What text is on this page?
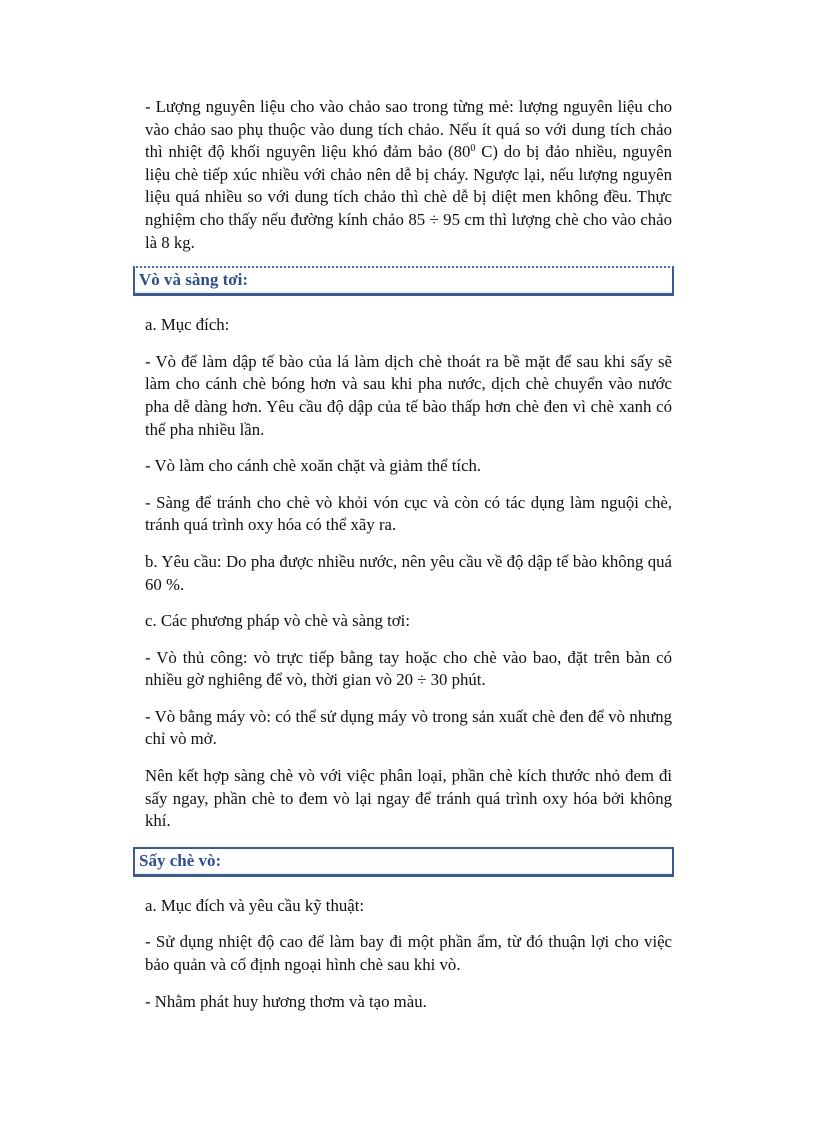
- Lượng nguyên liệu cho vào chảo sao trong từng mẻ: lượng nguyên liệu cho vào chảo sao phụ thuộc vào dung tích chảo. Nếu ít quá so với dung tích chảo thì nhiệt độ khối nguyên liệu khó đảm bảo ($80^0$ C) do bị đảo nhiều, nguyên liệu chè tiếp xúc nhiều với chảo nên dễ bị cháy. Ngược lại, nếu lượng nguyên liệu quá nhiều so với dung tích chảo thì chè dễ bị diệt men không đều. Thực nghiệm cho thấy nếu đường kính chảo 85 ÷ 95 cm thì lượng chè cho vào chảo là 8 kg.

Vò và sàng tơi:

a. Mục đích:

- Vò để làm dập tế bào của lá làm dịch chè thoát ra bề mặt để sau khi sấy sẽ làm cho cánh chè bóng hơn và sau khi pha nước, dịch chè chuyển vào nước pha dễ dàng hơn. Yêu cầu độ dập của tế bào thấp hơn chè đen vì chè xanh có thể pha nhiều lần.

- Vò làm cho cánh chè xoăn chặt và giảm thể tích.

- Sàng để tránh cho chè vò khỏi vón cục và còn có tác dụng làm nguội chè, tránh quá trình oxy hóa có thể xãy ra.

b. Yêu cầu: Do pha được nhiều nước, nên yêu cầu về độ dập tế bào không quá 60 %.

c. Các phương pháp vò chè và sàng tơi:

- Vò thủ công: vò trực tiếp bằng tay hoặc cho chè vào bao, đặt trên bàn có nhiều gờ nghiêng để vò, thời gian vò 20 ÷ 30 phút.

- Vò bằng máy vò: có thể sử dụng máy vò trong sản xuất chè đen để vò nhưng chỉ vò mở.

Nên kết hợp sàng chè vò với việc phân loại, phần chè kích thước nhỏ đem đi sấy ngay, phần chè to đem vò lại ngay để tránh quá trình oxy hóa bởi không khí.

Sấy chè vò:

a. Mục đích và yêu cầu kỹ thuật:

- Sử dụng nhiệt độ cao để làm bay đi một phần ẩm, từ đó thuận lợi cho việc bảo quản và cố định ngoại hình chè sau khi vò.

- Nhằm phát huy hương thơm và tạo màu.
